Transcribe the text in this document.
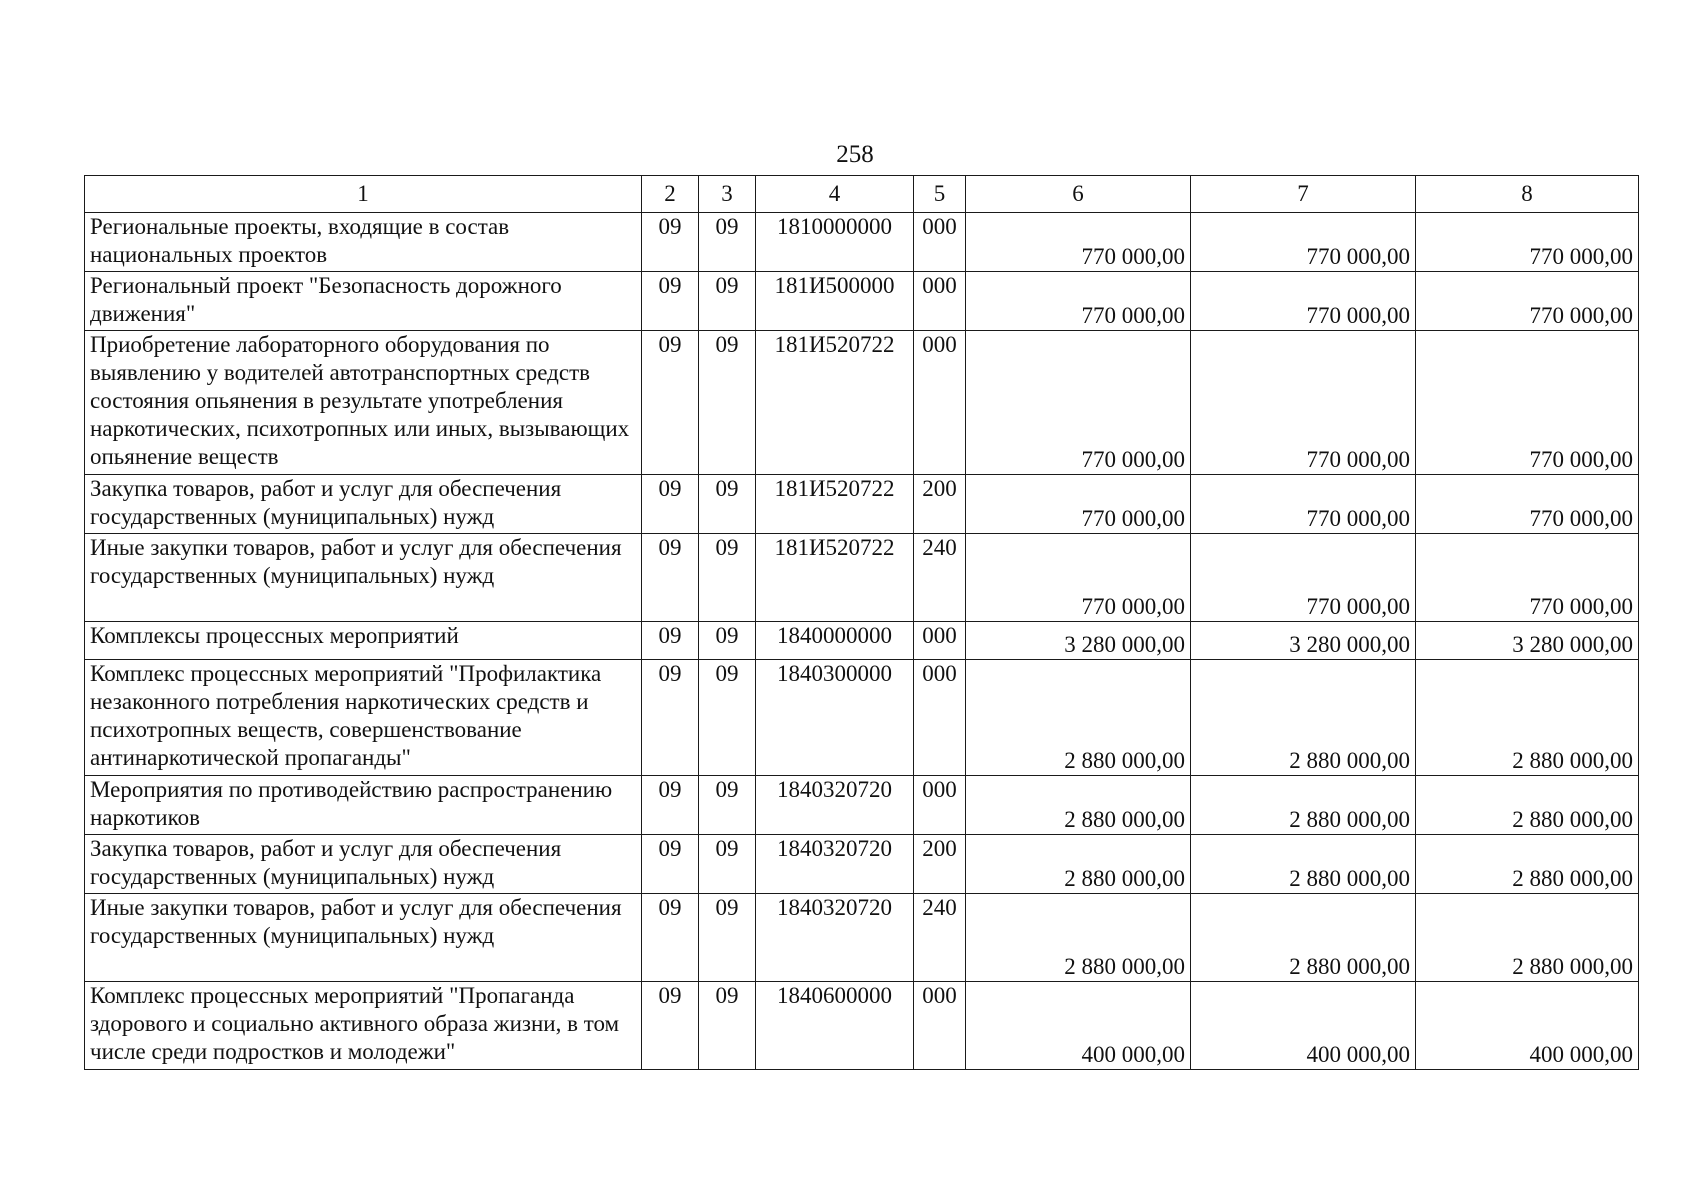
258
1	2	3	4	5	6	7	8
Региональные проекты, входящие в состав национальных проектов	09	09	1810000000	000	770 000,00	770 000,00	770 000,00
Региональный проект "Безопасность дорожного движения"	09	09	181И500000	000	770 000,00	770 000,00	770 000,00
Приобретение лабораторного оборудования по выявлению у водителей автотранспортных средств состояния опьянения в результате употребления наркотических, психотропных или иных, вызывающих опьянение веществ	09	09	181И520722	000	770 000,00	770 000,00	770 000,00
Закупка товаров, работ и услуг для обеспечения государственных (муниципальных) нужд	09	09	181И520722	200	770 000,00	770 000,00	770 000,00
Иные закупки товаров, работ и услуг для обеспечения государственных (муниципальных) нужд	09	09	181И520722	240	770 000,00	770 000,00	770 000,00
Комплексы процессных мероприятий	09	09	1840000000	000	3 280 000,00	3 280 000,00	3 280 000,00
Комплекс процессных мероприятий "Профилактика незаконного потребления наркотических средств и психотропных веществ, совершенствование антинаркотической пропаганды"	09	09	1840300000	000	2 880 000,00	2 880 000,00	2 880 000,00
Мероприятия по противодействию распространению наркотиков	09	09	1840320720	000	2 880 000,00	2 880 000,00	2 880 000,00
Закупка товаров, работ и услуг для обеспечения государственных (муниципальных) нужд	09	09	1840320720	200	2 880 000,00	2 880 000,00	2 880 000,00
Иные закупки товаров, работ и услуг для обеспечения государственных (муниципальных) нужд	09	09	1840320720	240	2 880 000,00	2 880 000,00	2 880 000,00
Комплекс процессных мероприятий "Пропаганда здорового и социально активного образа жизни, в том числе среди подростков и молодежи"	09	09	1840600000	000	400 000,00	400 000,00	400 000,00
